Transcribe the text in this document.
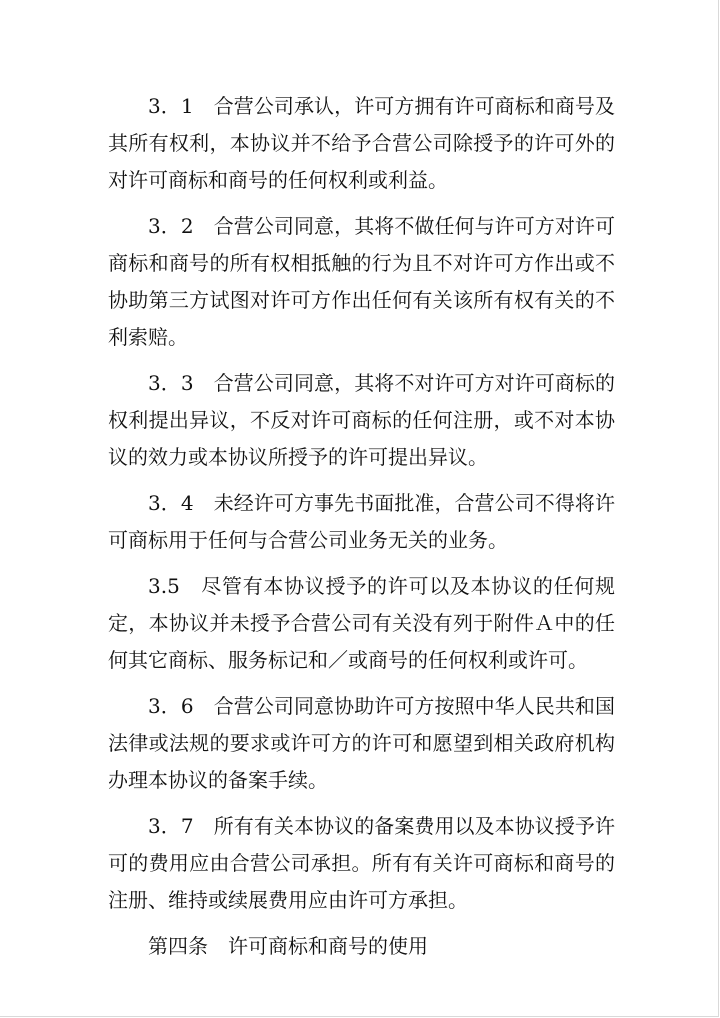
3．1　合营公司承认，许可方拥有许可商标和商号及其所有权利，本协议并不给予合营公司除授予的许可外的对许可商标和商号的任何权利或利益。

3．2　合营公司同意，其将不做任何与许可方对许可商标和商号的所有权相抵触的行为且不对许可方作出或不协助第三方试图对许可方作出任何有关该所有权有关的不利索赔。

3．3　合营公司同意，其将不对许可方对许可商标的权利提出异议，不反对许可商标的任何注册，或不对本协议的效力或本协议所授予的许可提出异议。

3．4　未经许可方事先书面批准，合营公司不得将许可商标用于任何与合营公司业务无关的业务。

3.5　尽管有本协议授予的许可以及本协议的任何规定，本协议并未授予合营公司有关没有列于附件Ａ中的任何其它商标、服务标记和／或商号的任何权利或许可。

3．6　合营公司同意协助许可方按照中华人民共和国法律或法规的要求或许可方的许可和愿望到相关政府机构办理本协议的备案手续。

3．7　所有有关本协议的备案费用以及本协议授予许可的费用应由合营公司承担。所有有关许可商标和商号的注册、维持或续展费用应由许可方承担。

第四条　许可商标和商号的使用
